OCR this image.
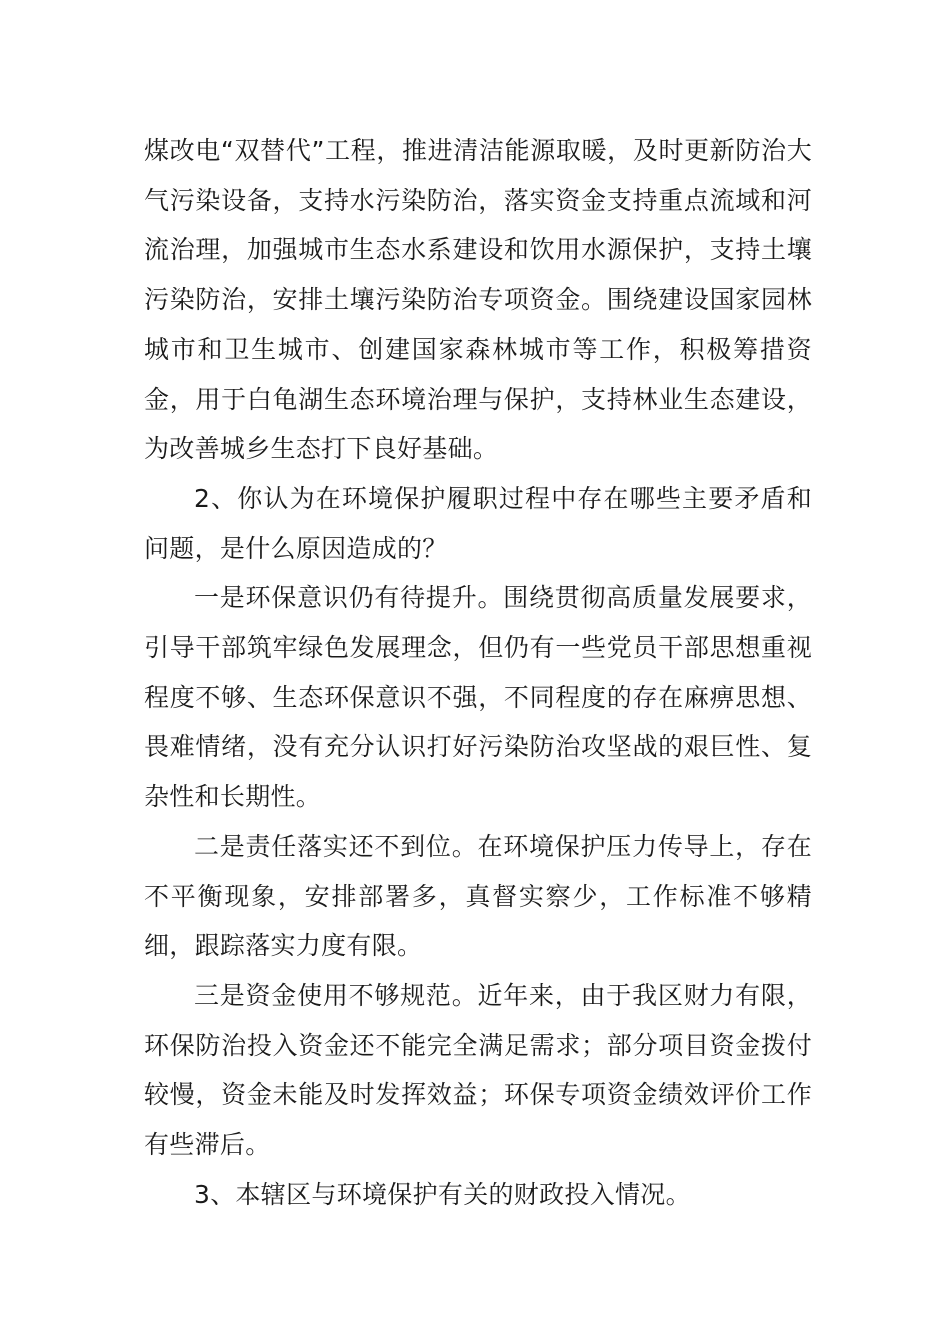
煤改电“双替代”工程，推进清洁能源取暖，及时更新防治大气污染设备，支持水污染防治，落实资金支持重点流域和河流治理，加强城市生态水系建设和饮用水源保护，支持土壤污染防治，安排土壤污染防治专项资金。围绕建设国家园林城市和卫生城市、创建国家森林城市等工作，积极筹措资金，用于白龟湖生态环境治理与保护，支持林业生态建设，为改善城乡生态打下良好基础。

2、你认为在环境保护履职过程中存在哪些主要矛盾和问题，是什么原因造成的？

一是环保意识仍有待提升。围绕贯彻高质量发展要求，引导干部筑牢绿色发展理念，但仍有一些党员干部思想重视程度不够、生态环保意识不强，不同程度的存在麻痹思想、畏难情绪，没有充分认识打好污染防治攻坚战的艰巨性、复杂性和长期性。

二是责任落实还不到位。在环境保护压力传导上，存在不平衡现象，安排部署多，真督实察少，工作标准不够精细，跟踪落实力度有限。

三是资金使用不够规范。近年来，由于我区财力有限，环保防治投入资金还不能完全满足需求；部分项目资金拨付较慢，资金未能及时发挥效益；环保专项资金绩效评价工作有些滞后。

3、本辖区与环境保护有关的财政投入情况。
